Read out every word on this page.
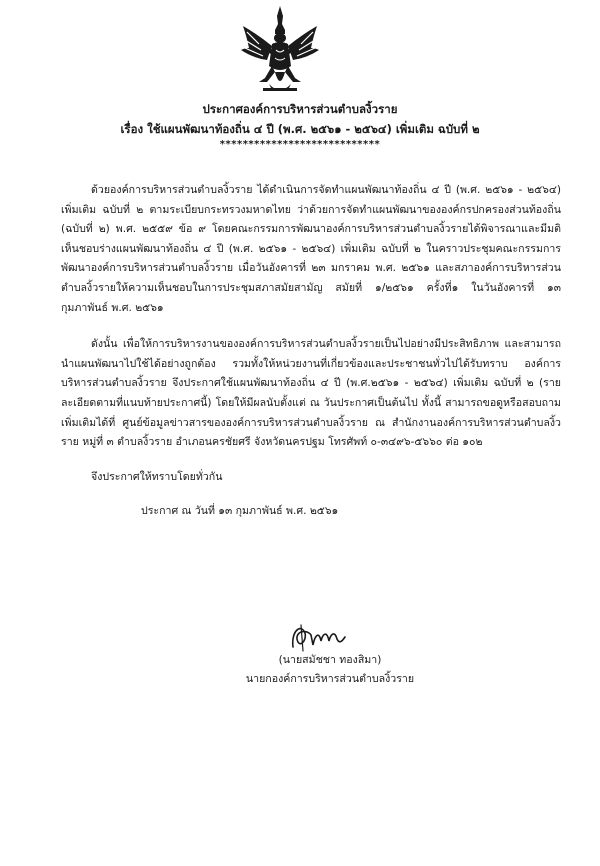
ประกาศองค์การบริหารส่วนตำบลงิ้วราย
เรื่อง ใช้แผนพัฒนาท้องถิ่น ๔ ปี (พ.ศ. ๒๕๖๑ - ๒๕๖๔) เพิ่มเติม ฉบับที่ ๒
****************************

ด้วยองค์การบริหารส่วนตำบลงิ้วราย ได้ดำเนินการจัดทำแผนพัฒนาท้องถิ่น ๔ ปี (พ.ศ. ๒๕๖๑ - ๒๕๖๔) เพิ่มเติม ฉบับที่ ๒ ตามระเบียบกระทรวงมหาดไทย ว่าด้วยการจัดทำแผนพัฒนาขององค์กรปกครองส่วนท้องถิ่น (ฉบับที่ ๒) พ.ศ. ๒๕๕๙ ข้อ ๙ โดยคณะกรรมการพัฒนาองค์การบริหารส่วนตำบลงิ้วรายได้พิจารณาและมีมติเห็นชอบร่างแผนพัฒนาท้องถิ่น ๔ ปี (พ.ศ. ๒๕๖๑ - ๒๕๖๔) เพิ่มเติม ฉบับที่ ๒ ในคราวประชุมคณะกรรมการพัฒนาองค์การบริหารส่วนตำบลงิ้วราย เมื่อวันอังคารที่ ๒๓ มกราคม พ.ศ. ๒๕๖๑ และสภาองค์การบริหารส่วนตำบลงิ้วรายให้ความเห็นชอบในการประชุมสภาสมัยสามัญ สมัยที่ ๑/๒๕๖๑ ครั้งที่๑ ในวันอังคารที่ ๑๓ กุมภาพันธ์ พ.ศ. ๒๕๖๑

ดังนั้น เพื่อให้การบริหารงานขององค์การบริหารส่วนตำบลงิ้วรายเป็นไปอย่างมีประสิทธิภาพ และสามารถนำแผนพัฒนาไปใช้ได้อย่างถูกต้อง รวมทั้งให้หน่วยงานที่เกี่ยวข้องและประชาชนทั่วไปได้รับทราบ องค์การบริหารส่วนตำบลงิ้วราย จึงประกาศใช้แผนพัฒนาท้องถิ่น ๔ ปี (พ.ศ.๒๕๖๑ - ๒๕๖๔) เพิ่มเติม ฉบับที่ ๒ (รายละเอียดตามที่แนบท้ายประกาศนี้) โดยให้มีผลนับตั้งแต่ ณ วันประกาศเป็นต้นไป ทั้งนี้ สามารถขอดูหรือสอบถามเพิ่มเติมได้ที่ ศูนย์ข้อมูลข่าวสารขององค์การบริหารส่วนตำบลงิ้วราย ณ สำนักงานองค์การบริหารส่วนตำบลงิ้วราย หมู่ที่ ๓ ตำบลงิ้วราย อำเภอนครชัยศรี จังหวัดนครปฐม โทรศัพท์ ๐-๓๔๙๖-๕๖๖๐ ต่อ ๑๐๒

จึงประกาศให้ทราบโดยทั่วกัน
ประกาศ ณ วันที่ ๑๓ กุมภาพันธ์ พ.ศ. ๒๕๖๑
(นายสมัชชา ทองสิมา)
นายกองค์การบริหารส่วนตำบลงิ้วราย
